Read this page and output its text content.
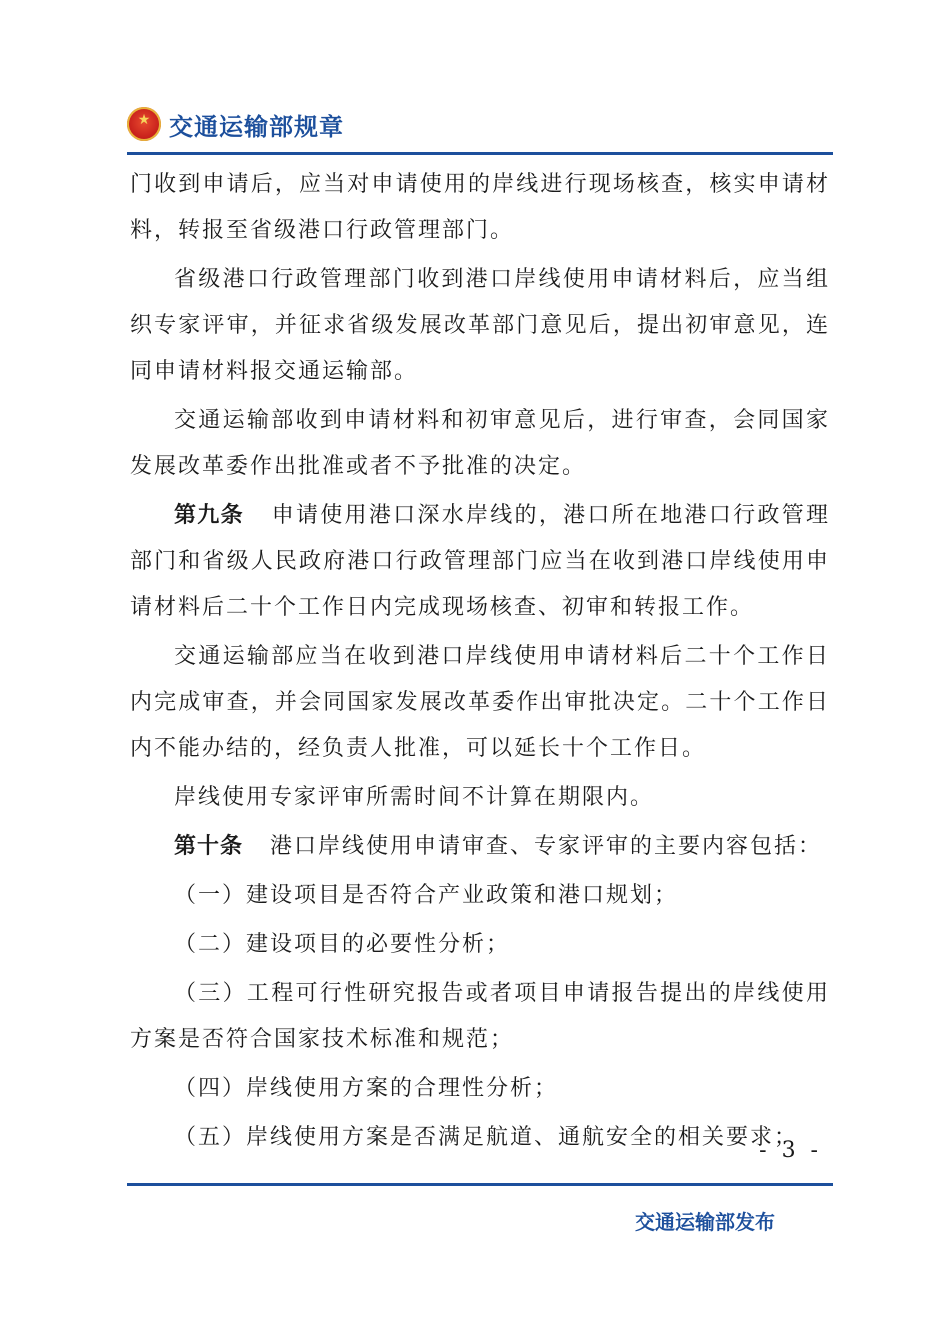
★
交通运输部规章

门收到申请后，应当对申请使用的岸线进行现场核查，核实申请材料，转报至省级港口行政管理部门。

省级港口行政管理部门收到港口岸线使用申请材料后，应当组织专家评审，并征求省级发展改革部门意见后，提出初审意见，连同申请材料报交通运输部。

交通运输部收到申请材料和初审意见后，进行审查，会同国家发展改革委作出批准或者不予批准的决定。

第九条 申请使用港口深水岸线的，港口所在地港口行政管理部门和省级人民政府港口行政管理部门应当在收到港口岸线使用申请材料后二十个工作日内完成现场核查、初审和转报工作。

交通运输部应当在收到港口岸线使用申请材料后二十个工作日内完成审查，并会同国家发展改革委作出审批决定。二十个工作日内不能办结的，经负责人批准，可以延长十个工作日。

岸线使用专家评审所需时间不计算在期限内。

第十条 港口岸线使用申请审查、专家评审的主要内容包括：

（一）建设项目是否符合产业政策和港口规划；

（二）建设项目的必要性分析；

（三）工程可行性研究报告或者项目申请报告提出的岸线使用方案是否符合国家技术标准和规范；

（四）岸线使用方案的合理性分析；

（五）岸线使用方案是否满足航道、通航安全的相关要求；

- 3 -
交通运输部发布
